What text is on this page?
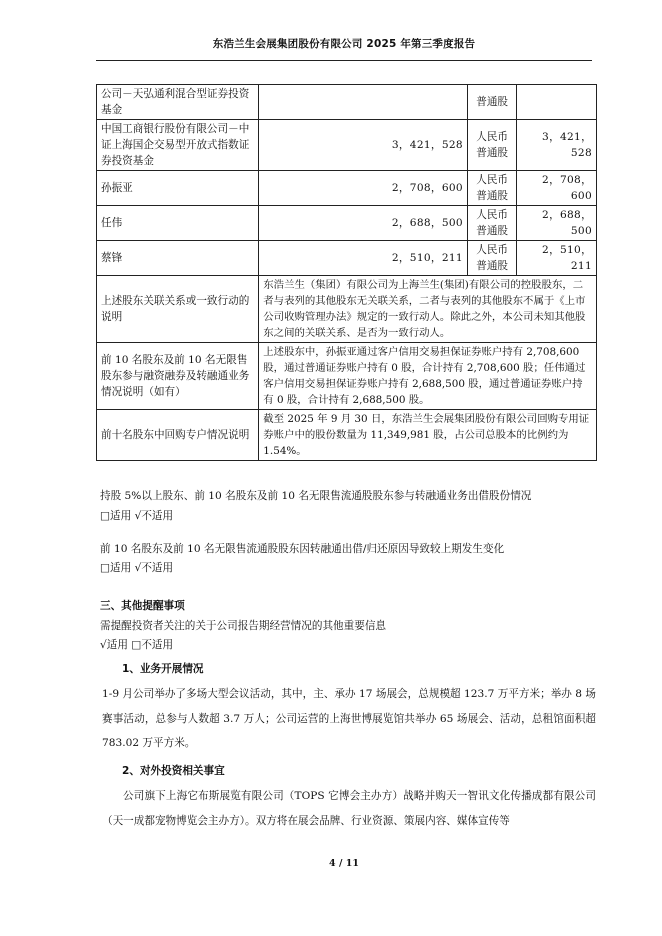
东浩兰生会展集团股份有限公司 2025 年第三季度报告
公司－天弘通利混合型证券投资基金		普通股	
中国工商银行股份有限公司－中证上海国企交易型开放式指数证券投资基金	3，421，528	人民币普通股	3，421，528
孙振亚	2，708，600	人民币普通股	2，708，600
任伟	2，688，500	人民币普通股	2，688，500
蔡锋	2，510，211	人民币普通股	2，510，211
上述股东关联关系或一致行动的说明	东浩兰生（集团）有限公司为上海兰生(集团)有限公司的控股股东，二者与表列的其他股东无关联关系，二者与表列的其他股东不属于《上市公司收购管理办法》规定的一致行动人。除此之外，本公司未知其他股东之间的关联关系、是否为一致行动人。		
前 10 名股东及前 10 名无限售股东参与融资融券及转融通业务情况说明（如有）	上述股东中，孙振亚通过客户信用交易担保证券账户持有 2,708,600 股，通过普通证券账户持有 0 股，合计持有 2,708,600 股；任伟通过客户信用交易担保证券账户持有 2,688,500 股，通过普通证券账户持有 0 股，合计持有 2,688,500 股。		
前十名股东中回购专户情况说明	截至 2025 年 9 月 30 日，东浩兰生会展集团股份有限公司回购专用证券账户中的股份数量为 11,349,981 股，占公司总股本的比例约为 1.54%。		
持股 5%以上股东、前 10 名股东及前 10 名无限售流通股股东参与转融通业务出借股份情况
□适用 √不适用
前 10 名股东及前 10 名无限售流通股股东因转融通出借/归还原因导致较上期发生变化
□适用 √不适用
三、其他提醒事项
需提醒投资者关注的关于公司报告期经营情况的其他重要信息
√适用 □不适用
1、业务开展情况
1-9 月公司举办了多场大型会议活动，其中，主、承办 17 场展会，总规模超 123.7 万平方米；举办 8 场赛事活动，总参与人数超 3.7 万人；公司运营的上海世博展览馆共举办 65 场展会、活动，总租馆面积超 783.02 万平方米。
2、对外投资相关事宜
公司旗下上海它布斯展览有限公司（TOPS 它博会主办方）战略并购天一智讯文化传播成都有限公司（天一成都宠物博览会主办方）。双方将在展会品牌、行业资源、策展内容、媒体宣传等
4 / 11
